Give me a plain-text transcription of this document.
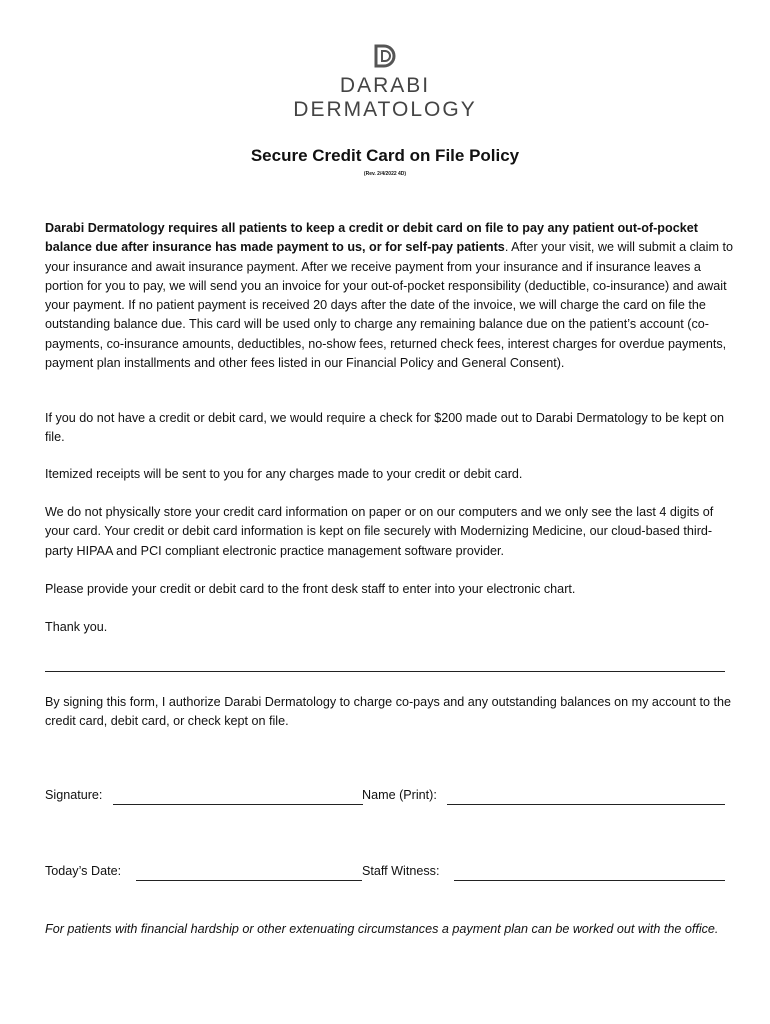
DARABI
DERMATOLOGY
Secure Credit Card on File Policy
(Rev. 2/4/2022 4D)
Darabi Dermatology requires all patients to keep a credit or debit card on file to pay any patient out-of-pocket balance due after insurance has made payment to us, or for self-pay patients. After your visit, we will submit a claim to your insurance and await insurance payment. After we receive payment from your insurance and if insurance leaves a portion for you to pay, we will send you an invoice for your out-of-pocket responsibility (deductible, co-insurance) and await your payment. If no patient payment is received 20 days after the date of the invoice, we will charge the card on file the outstanding balance due. This card will be used only to charge any remaining balance due on the patient’s account (co-payments, co-insurance amounts, deductibles, no-show fees, returned check fees, interest charges for overdue payments, payment plan installments and other fees listed in our Financial Policy and General Consent).
If you do not have a credit or debit card, we would require a check for $200 made out to Darabi Dermatology to be kept on file.
Itemized receipts will be sent to you for any charges made to your credit or debit card.
We do not physically store your credit card information on paper or on our computers and we only see the last 4 digits of your card. Your credit or debit card information is kept on file securely with Modernizing Medicine, our cloud-based third-party HIPAA and PCI compliant electronic practice management software provider.
Please provide your credit or debit card to the front desk staff to enter into your electronic chart.
Thank you.
By signing this form, I authorize Darabi Dermatology to charge co-pays and any outstanding balances on my account to the credit card, debit card, or check kept on file.
Signature:	Name (Print):
Today’s Date:	Staff Witness:
For patients with financial hardship or other extenuating circumstances a payment plan can be worked out with the office.
